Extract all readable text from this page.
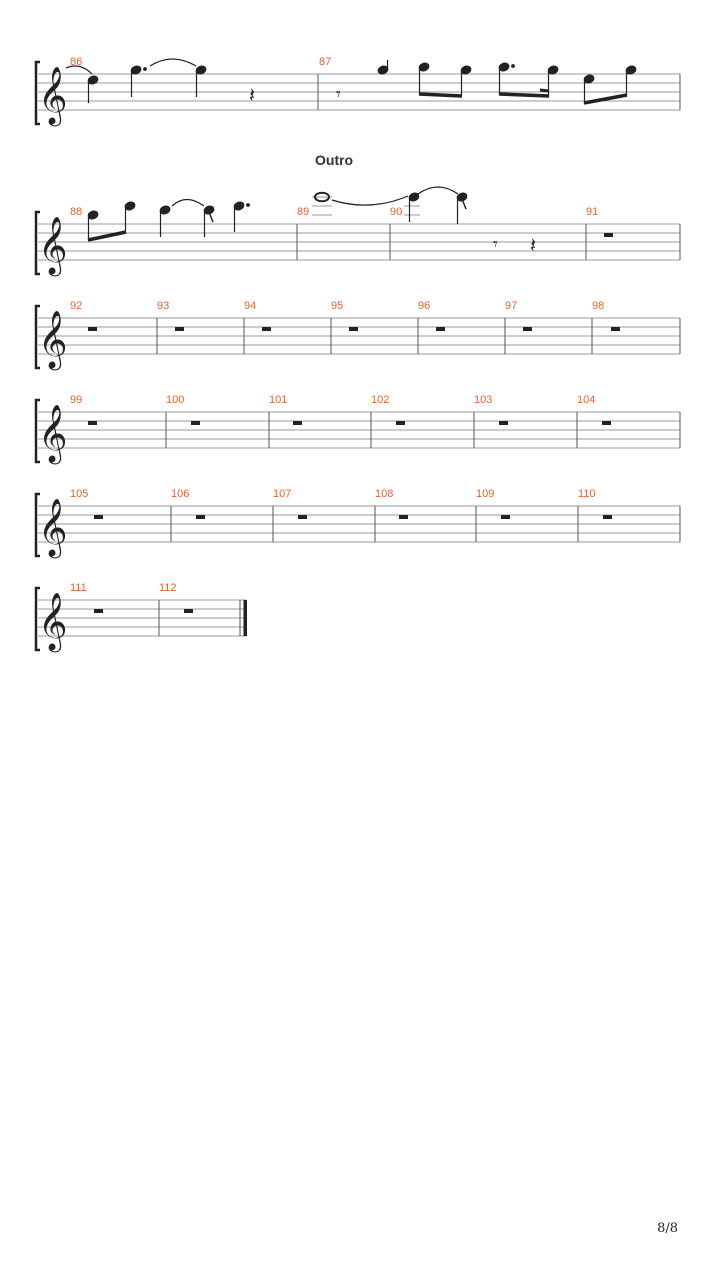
𝄞
86	87
𝄽	𝄾
Outro
𝄞
88	89	90	91
𝄾 𝄽
𝄞
92	93	94	95	96	97	98
𝄞
99	100	101	102	103	104
𝄞
105	106	107	108	109	110
𝄞
111	112
8/8
